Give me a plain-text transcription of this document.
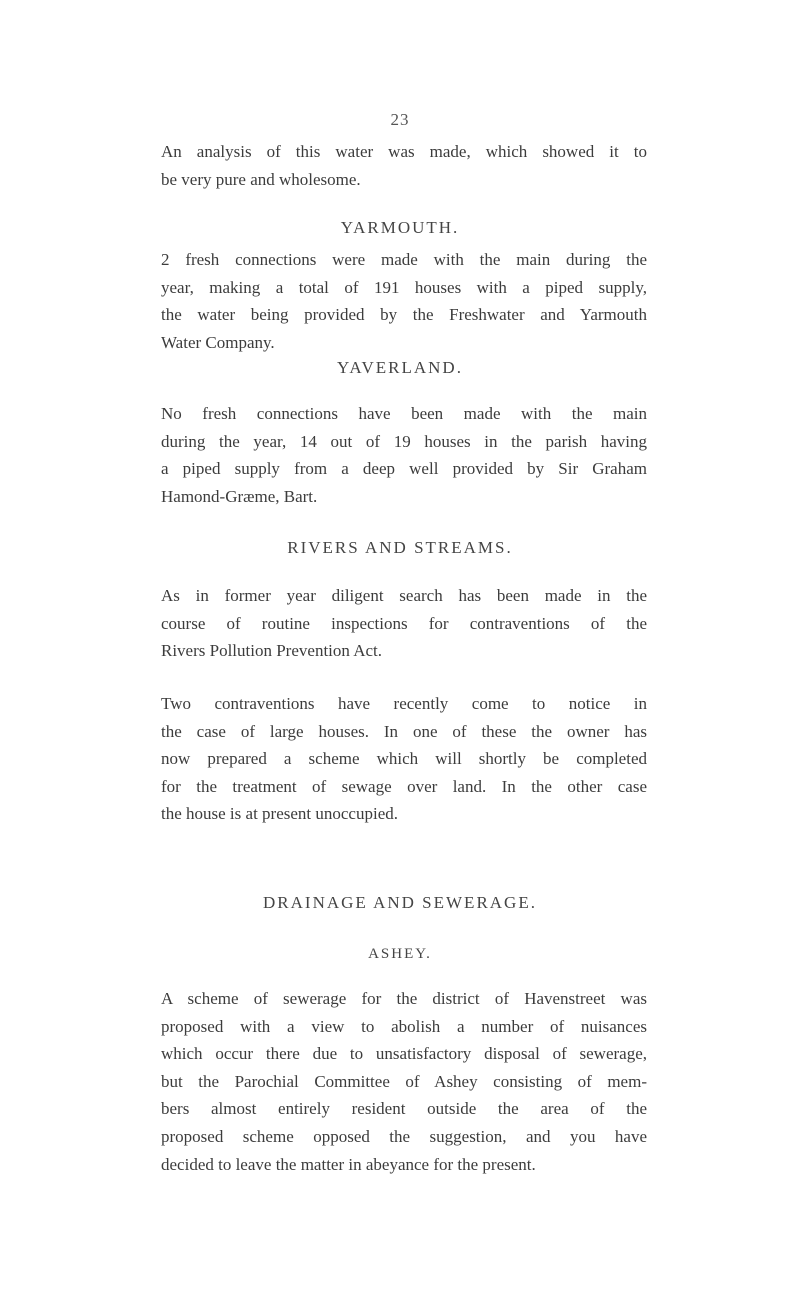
23
An analysis of this water was made, which showed it to
be very pure and wholesome.
YARMOUTH.
2 fresh connections were made with the main during the
year, making a total of 191 houses with a piped supply,
the water being provided by the Freshwater and Yarmouth
Water Company.
YAVERLAND.
No fresh connections have been made with the main
during the year, 14 out of 19 houses in the parish having
a piped supply from a deep well provided by Sir Graham
Hamond-Græme, Bart.
RIVERS AND STREAMS.
As in former year diligent search has been made in the
course of routine inspections for contraventions of the
Rivers Pollution Prevention Act.
Two contraventions have recently come to notice in
the case of large houses. In one of these the owner has
now prepared a scheme which will shortly be completed
for the treatment of sewage over land. In the other case
the house is at present unoccupied.
DRAINAGE AND SEWERAGE.
ASHEY.
A scheme of sewerage for the district of Havenstreet was
proposed with a view to abolish a number of nuisances
which occur there due to unsatisfactory disposal of sewerage,
but the Parochial Committee of Ashey consisting of mem-
bers almost entirely resident outside the area of the
proposed scheme opposed the suggestion, and you have
decided to leave the matter in abeyance for the present.
